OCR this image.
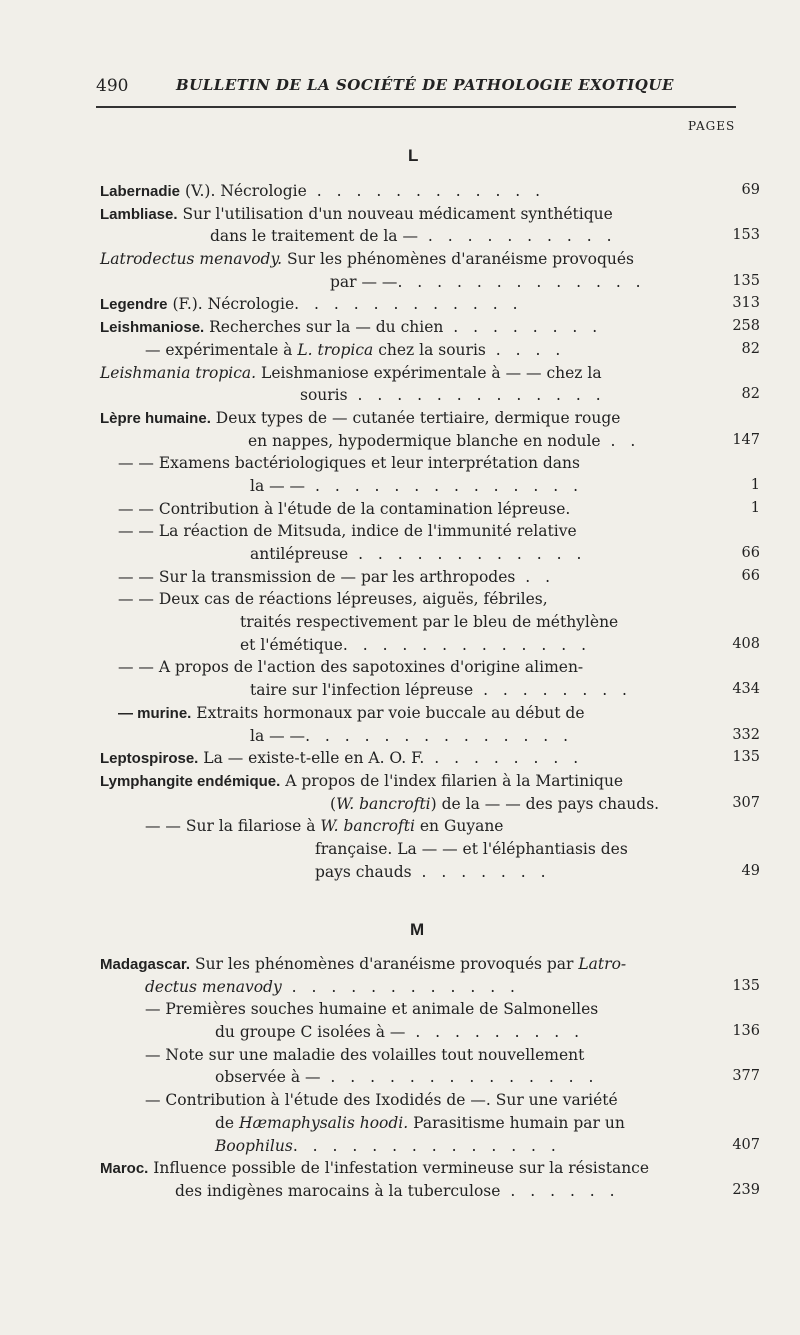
490	BULLETIN DE LA SOCIÉTÉ DE PATHOLOGIE EXOTIQUE
PAGES
L
M
Labernadie (V.). Nécrologie . . . . . . . . . . . .	69
Lambliase. Sur l'utilisation d'un nouveau médicament synthétique
dans le traitement de la — . . . . . . . . . .	153
Latrodectus menavody. Sur les phénomènes d'aranéisme provoqués
par — —. . . . . . . . . . . . .	135
Legendre (F.). Nécrologie. . . . . . . . . . . .	313
Leishmaniose. Recherches sur la — du chien . . . . . . . .	258
— expérimentale à L. tropica chez la souris . . . .	82
Leishmania tropica. Leishmaniose expérimentale à — — chez la
souris . . . . . . . . . . . . .	82
Lèpre humaine. Deux types de — cutanée tertiaire, dermique rouge
en nappes, hypodermique blanche en nodule . .	147
— — Examens bactériologiques et leur interprétation dans
la — — . . . . . . . . . . . . . .	1
— — Contribution à l'étude de la contamination lépreuse.	1
— — La réaction de Mitsuda, indice de l'immunité relative
antilépreuse . . . . . . . . . . . .	66
— — Sur la transmission de — par les arthropodes . .	66
— — Deux cas de réactions lépreuses, aiguës, fébriles,
traités respectivement par le bleu de méthylène
et l'émétique. . . . . . . . . . . . .	408
— — A propos de l'action des sapotoxines d'origine alimen-
taire sur l'infection lépreuse . . . . . . . .	434
— murine. Extraits hormonaux par voie buccale au début de
la — —. . . . . . . . . . . . . .	332
Leptospirose. La — existe-t-elle en A. O. F. . . . . . . . .	135
Lymphangite endémique. A propos de l'index filarien à la Martinique
(W. bancrofti) de la — — des pays chauds.	307
— — Sur la filariose à W. bancrofti en Guyane
française. La — — et l'éléphantiasis des
pays chauds . . . . . . .	49
Madagascar. Sur les phénomènes d'aranéisme provoqués par Latro-
dectus menavody . . . . . . . . . . . .	135
— Premières souches humaine et animale de Salmonelles
du groupe C isolées à — . . . . . . . . .	136
— Note sur une maladie des volailles tout nouvellement
observée à — . . . . . . . . . . . . . .	377
— Contribution à l'étude des Ixodidés de —. Sur une variété
de Hæmaphysalis hoodi. Parasitisme humain par un
Boophilus. . . . . . . . . . . . . .	407
Maroc. Influence possible de l'infestation vermineuse sur la résistance
des indigènes marocains à la tuberculose . . . . . .	239
